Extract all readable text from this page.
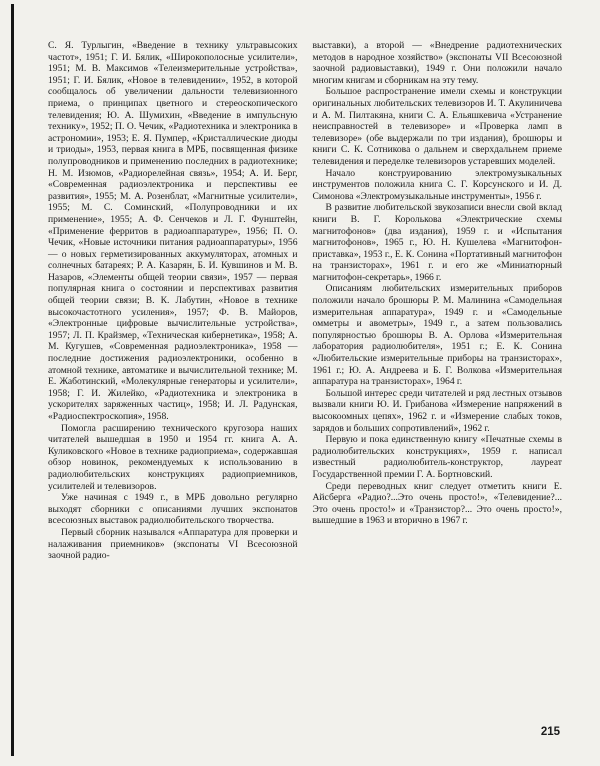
С. Я. Турлыгин, «Введение в технику ультравысоких частот», 1951; Г. И. Бялик, «Широкополосные усилители», 1951; М. В. Максимов «Телеизмерительные устройства», 1951; Г. И. Бялик, «Новое в телевидении», 1952, в которой сообщалось об увеличении дальности телевизионного приема, о принципах цветного и стереоскопического телевидения; Ю. А. Шумихин, «Введение в импульсную технику», 1952; П. О. Чечик, «Радиотехника и электроника в астрономии», 1953; Е. Я. Пумпер, «Кристаллические диоды и триоды», 1953, первая книга в МРБ, посвященная физике полупроводников и применению последних в радиотехнике; Н. М. Изюмов, «Радиорелейная связь», 1954; А. И. Берг, «Современная радиоэлектроника и перспективы ее развития», 1955; М. А. Розенблат, «Магнитные усилители», 1955; М. С. Соминский, «Полупроводники и их применение», 1955; А. Ф. Сенчеков и Л. Г. Фунштейн, «Применение ферритов в радиоаппаратуре», 1956; П. О. Чечик, «Новые источники питания радиоаппаратуры», 1956 — о новых герметизированных аккумуляторах, атомных и солнечных батареях; Р. А. Казарян, Б. И. Кувшинов и М. В. Назаров, «Элементы общей теории связи», 1957 — первая популярная книга о состоянии и перспективах развития общей теории связи; В. К. Лабутин, «Новое в технике высокочастотного усиления», 1957; Ф. В. Майоров, «Электронные цифровые вычислительные устройства», 1957; Л. П. Крайзмер, «Техническая кибернетика», 1958; А. М. Кугушев, «Современная радиоэлектроника», 1958 — последние достижения радиоэлектроники, особенно в атомной технике, автоматике и вычислительной технике; М. Е. Жаботинский, «Молекулярные генераторы и усилители», 1958; Г. И. Жилейко, «Радиотехника и электроника в ускорителях заряженных частиц», 1958; И. Л. Радунская, «Радиоспектроскопия», 1958.

Помогла расширению технического кругозора наших читателей вышедшая в 1950 и 1954 гг. книга А. А. Куликовского «Новое в технике радиоприема», содержавшая обзор новинок, рекомендуемых к использованию в радиолюбительских конструкциях радиоприемников, усилителей и телевизоров.

Уже начиная с 1949 г., в МРБ довольно регулярно выходят сборники с описаниями лучших экспонатов всесоюзных выставок радиолюбительского творчества.

Первый сборник назывался «Аппаратура для проверки и налаживания приемников» (экспонаты VI Всесоюзной заочной радио-

выставки), а второй — «Внедрение радиотехнических методов в народное хозяйство» (экспонаты VII Всесоюзной заочной радиовыставки), 1949 г. Они положили начало многим книгам и сборникам на эту тему.

Большое распространение имели схемы и конструкции оригинальных любительских телевизоров И. Т. Акулиничева и А. М. Пилтакяна, книги С. А. Ельяшкевича «Устранение неисправностей в телевизоре» и «Проверка ламп в телевизоре» (обе выдержали по три издания), брошюры и книги С. К. Сотникова о дальнем и сверхдальнем приеме телевидения и переделке телевизоров устаревших моделей.

Начало конструированию электромузыкальных инструментов положила книга С. Г. Корсунского и И. Д. Симонова «Электромузыкальные инструменты», 1956 г.

В развитие любительской звукозаписи внесли свой вклад книги В. Г. Королькова «Электрические схемы магнитофонов» (два издания), 1959 г. и «Испытания магнитофонов», 1965 г., Ю. Н. Кушелева «Магнитофон-приставка», 1953 г., Е. К. Сонина «Портативный магнитофон на транзисторах», 1961 г. и его же «Миниатюрный магнитофон-секретарь», 1966 г.

Описаниям любительских измерительных приборов положили начало брошюры Р. М. Малинина «Самодельная измерительная аппаратура», 1949 г. и «Самодельные омметры и авометры», 1949 г., а затем пользовались популярностью брошюры В. А. Орлова «Измерительная лаборатория радиолюбителя», 1951 г.; Е. К. Сонина «Любительские измерительные приборы на транзисторах», 1961 г.; Ю. А. Андреева и Б. Г. Волкова «Измерительная аппаратура на транзисторах», 1964 г.

Большой интерес среди читателей и ряд лестных отзывов вызвали книги Ю. И. Грибанова «Измерение напряжений в высокоомных цепях», 1962 г. и «Измерение слабых токов, зарядов и больших сопротивлений», 1962 г.

Первую и пока единственную книгу «Печатные схемы в радиолюбительских конструкциях», 1959 г. написал известный радиолюбитель-конструктор, лауреат Государственной премии Г. А. Бортновский.

Среди переводных книг следует отметить книги Е. Айсберга «Радио?...Это очень просто!», «Телевидение?... Это очень просто!» и «Транзистор?... Это очень просто!», вышедшие в 1963 и вторично в 1967 г.

215
